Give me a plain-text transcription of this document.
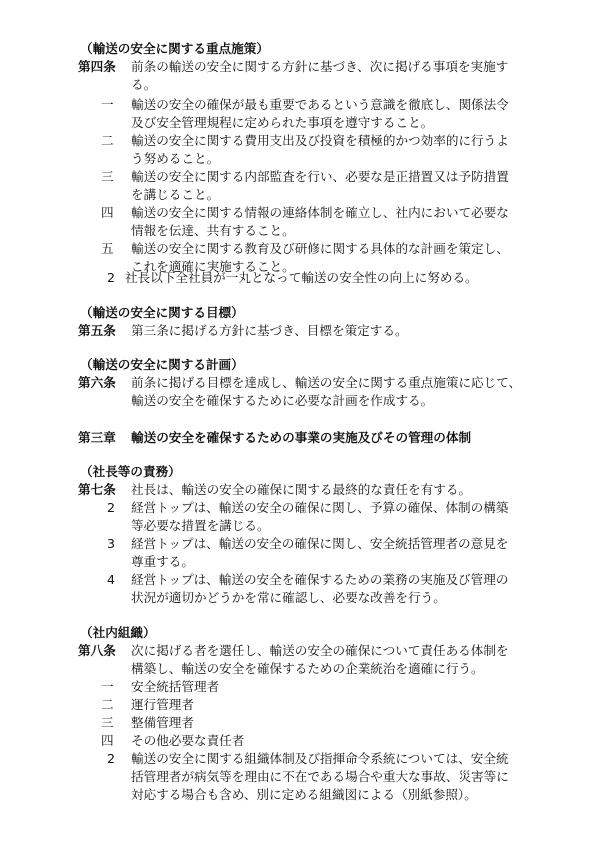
（輸送の安全に関する重点施策）
第四条 前条の輸送の安全に関する方針に基づき、次に掲げる事項を実施す
る。
一 輸送の安全の確保が最も重要であるという意識を徹底し、関係法令
及び安全管理規程に定められた事項を遵守すること。
二 輸送の安全に関する費用支出及び投資を積極的かつ効率的に行うよ
う努めること。
三 輸送の安全に関する内部監査を行い、必要な是正措置又は予防措置
を講じること。
四 輸送の安全に関する情報の連絡体制を確立し、社内において必要な
情報を伝達、共有すること。
五 輸送の安全に関する教育及び研修に関する具体的な計画を策定し、
これを適確に実施すること。
2 社長以下全社員が一丸となって輸送の安全性の向上に努める。
（輸送の安全に関する目標）
第五条 第三条に掲げる方針に基づき、目標を策定する。
（輸送の安全に関する計画）
第六条 前条に掲げる目標を達成し、輸送の安全に関する重点施策に応じて、
輸送の安全を確保するために必要な計画を作成する。
第三章 輸送の安全を確保するための事業の実施及びその管理の体制
（社長等の責務）
第七条 社長は、輸送の安全の確保に関する最終的な責任を有する。
2 経営トップは、輸送の安全の確保に関し、予算の確保、体制の構築
等必要な措置を講じる。
3 経営トップは、輸送の安全の確保に関し、安全統括管理者の意見を
尊重する。
4 経営トップは、輸送の安全を確保するための業務の実施及び管理の
状況が適切かどうかを常に確認し、必要な改善を行う。
（社内組織）
第八条 次に掲げる者を選任し、輸送の安全の確保について責任ある体制を
構築し、輸送の安全を確保するための企業統治を適確に行う。
一 安全統括管理者
二 運行管理者
三 整備管理者
四 その他必要な責任者
2 輸送の安全に関する組織体制及び指揮命令系統については、安全統
括管理者が病気等を理由に不在である場合や重大な事故、災害等に
対応する場合も含め、別に定める組織図による（別紙参照）。
